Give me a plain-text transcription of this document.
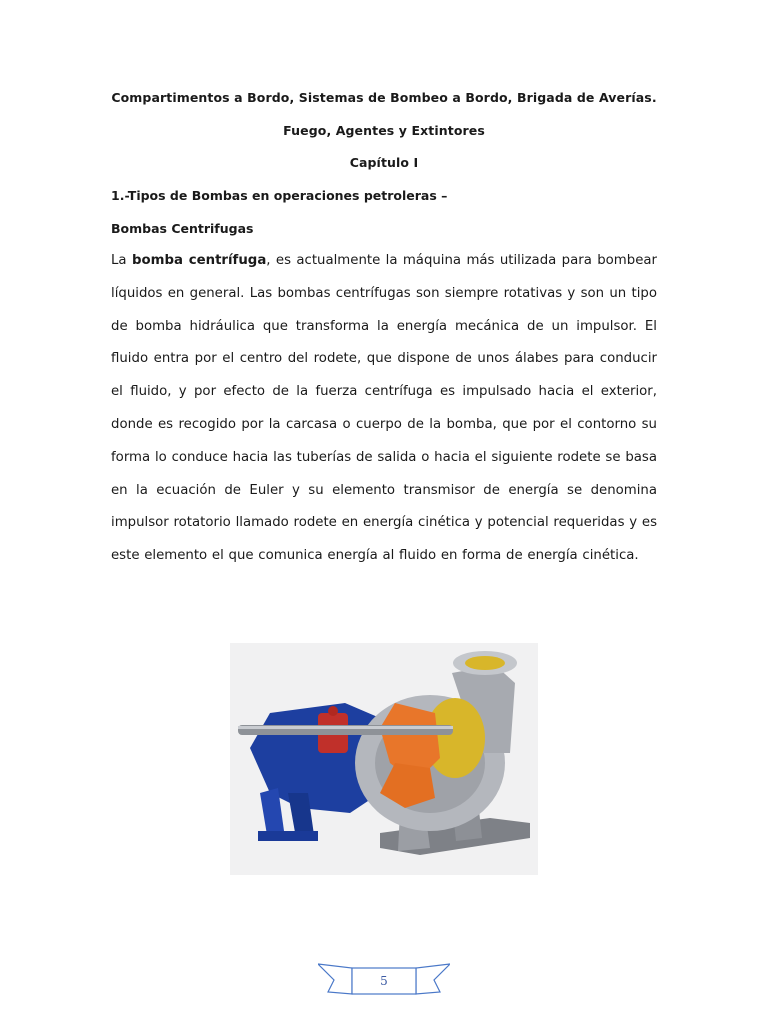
Compartimentos a Bordo, Sistemas de Bombeo a Bordo, Brigada de Averías.
Fuego, Agentes y Extintores
Capítulo I
1.-Tipos de Bombas en operaciones petroleras –
Bombas Centrifugas
La bomba centrífuga, es actualmente la máquina más utilizada para bombear líquidos en general. Las bombas centrífugas son siempre rotativas y son un tipo de bomba hidráulica que transforma la energía mecánica de un impulsor. El fluido entra por el centro del rodete, que dispone de unos álabes para conducir el fluido, y por efecto de la fuerza centrífuga es impulsado hacia el exterior, donde es recogido por la carcasa o cuerpo de la bomba, que por el contorno su forma lo conduce hacia las tuberías de salida o hacia el siguiente rodete se basa en la ecuación de Euler y su elemento transmisor de energía se denomina impulsor rotatorio llamado rodete en energía cinética y potencial requeridas y es este elemento el que comunica energía al fluido en forma de energía cinética.
5
